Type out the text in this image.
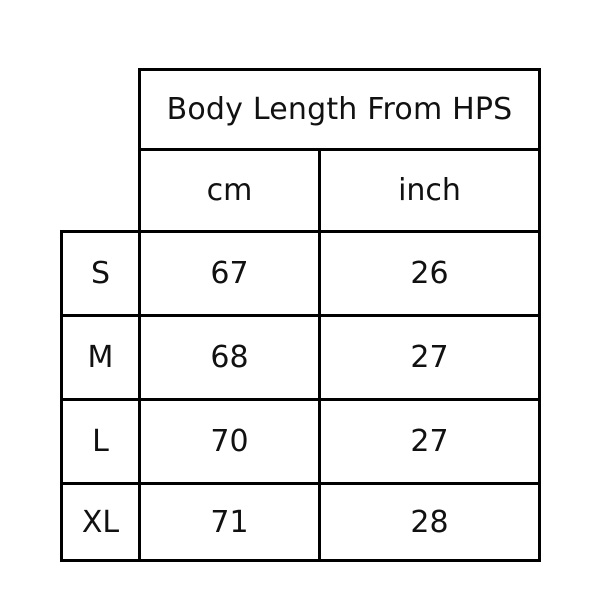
	Body Length From HPS	
	cm	inch
S	67	26
M	68	27
L	70	27
XL	71	28
